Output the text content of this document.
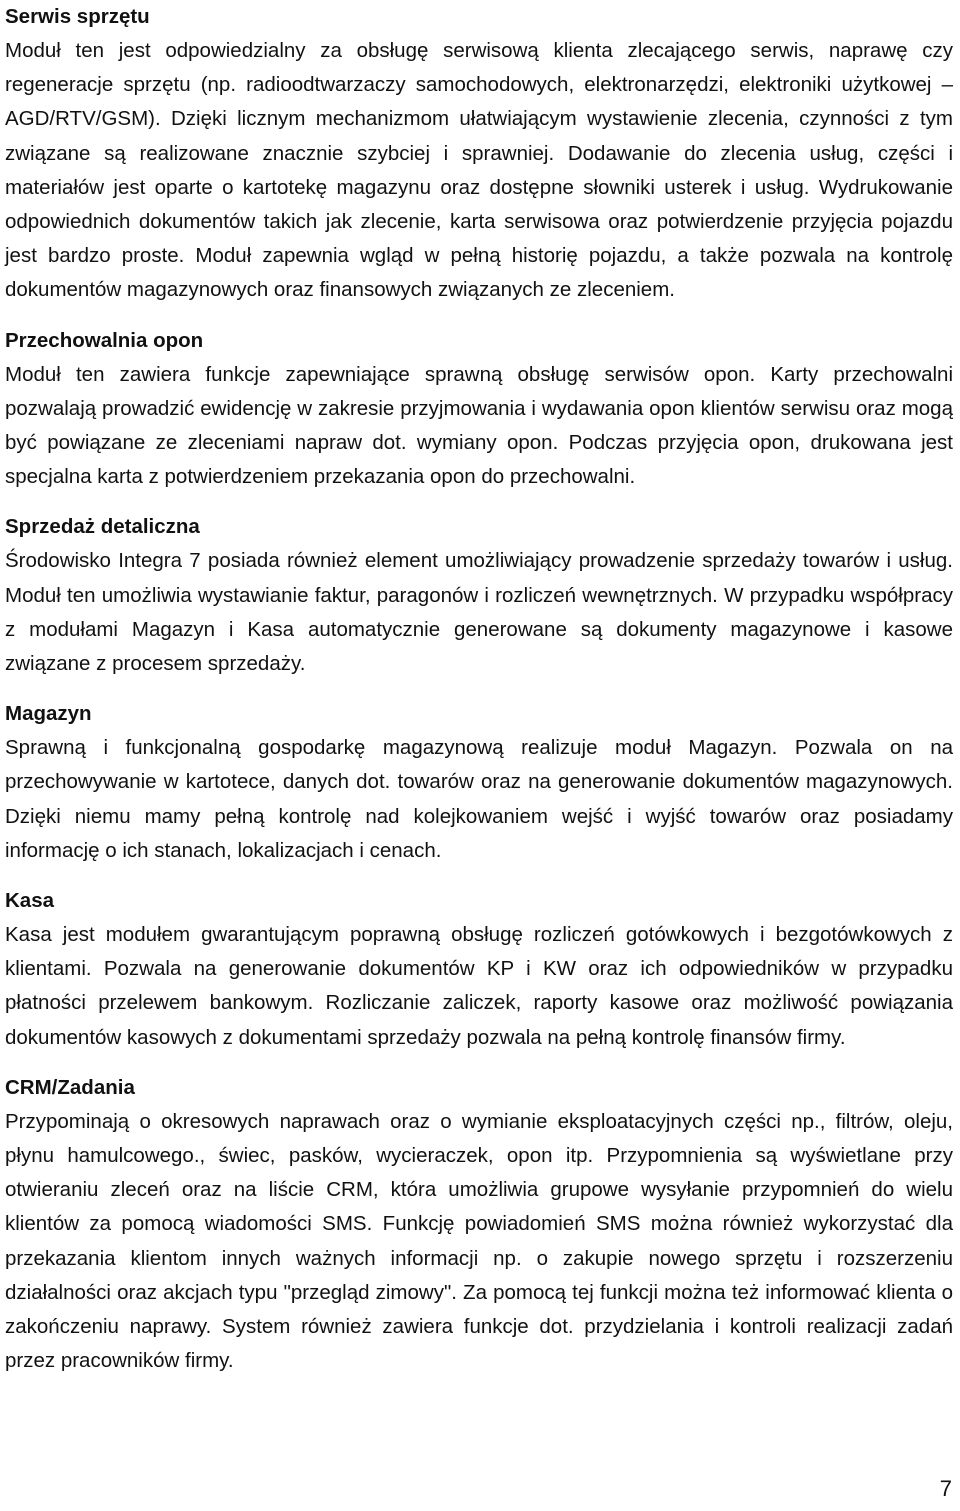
Serwis sprzętu

Moduł ten jest odpowiedzialny za obsługę serwisową klienta zlecającego serwis, naprawę czy regeneracje sprzętu (np. radioodtwarzaczy samochodowych, elektronarzędzi, elektroniki użytkowej – AGD/RTV/GSM). Dzięki licznym mechanizmom ułatwiającym wystawienie zlecenia, czynności z tym związane są realizowane znacznie szybciej i sprawniej. Dodawanie do zlecenia usług, części i materiałów jest oparte o kartotekę magazynu oraz dostępne słowniki usterek i usług. Wydrukowanie odpowiednich dokumentów takich jak zlecenie, karta serwisowa oraz potwierdzenie przyjęcia pojazdu jest bardzo proste. Moduł zapewnia wgląd w pełną historię pojazdu, a także pozwala na kontrolę dokumentów magazynowych oraz finansowych związanych ze zleceniem.

Przechowalnia opon

Moduł ten zawiera funkcje zapewniające sprawną obsługę serwisów opon. Karty przechowalni pozwalają prowadzić ewidencję w zakresie przyjmowania i wydawania opon klientów serwisu oraz mogą być powiązane ze zleceniami napraw dot. wymiany opon. Podczas przyjęcia opon, drukowana jest specjalna karta z potwierdzeniem przekazania opon do przechowalni.

Sprzedaż detaliczna

Środowisko Integra 7 posiada również element umożliwiający prowadzenie sprzedaży towarów i usług. Moduł ten umożliwia wystawianie faktur, paragonów i rozliczeń wewnętrznych. W przypadku współpracy z modułami Magazyn i Kasa automatycznie generowane są dokumenty magazynowe i kasowe związane z procesem sprzedaży.

Magazyn

Sprawną i funkcjonalną gospodarkę magazynową realizuje moduł Magazyn. Pozwala on na przechowywanie w kartotece, danych dot. towarów oraz na generowanie dokumentów magazynowych. Dzięki niemu mamy pełną kontrolę nad kolejkowaniem wejść i wyjść towarów oraz posiadamy informację o ich stanach, lokalizacjach i cenach.

Kasa

Kasa jest modułem gwarantującym poprawną obsługę rozliczeń gotówkowych i bezgotówkowych z klientami. Pozwala na generowanie dokumentów KP i KW oraz ich odpowiedników w przypadku płatności przelewem bankowym. Rozliczanie zaliczek, raporty kasowe oraz możliwość powiązania dokumentów kasowych z dokumentami sprzedaży pozwala na pełną kontrolę finansów firmy.

CRM/Zadania

Przypominają o okresowych naprawach oraz o wymianie eksploatacyjnych części np., filtrów, oleju, płynu hamulcowego., świec, pasków, wycieraczek, opon itp. Przypomnienia są wyświetlane przy otwieraniu zleceń oraz na liście CRM, która umożliwia grupowe wysyłanie przypomnień do wielu klientów za pomocą wiadomości SMS. Funkcję powiadomień SMS można również wykorzystać dla przekazania klientom innych ważnych informacji np. o zakupie nowego sprzętu i rozszerzeniu działalności oraz akcjach typu "przegląd zimowy". Za pomocą tej funkcji można też informować klienta o zakończeniu naprawy. System również zawiera funkcje dot. przydzielania i kontroli realizacji zadań przez pracowników firmy.

7
